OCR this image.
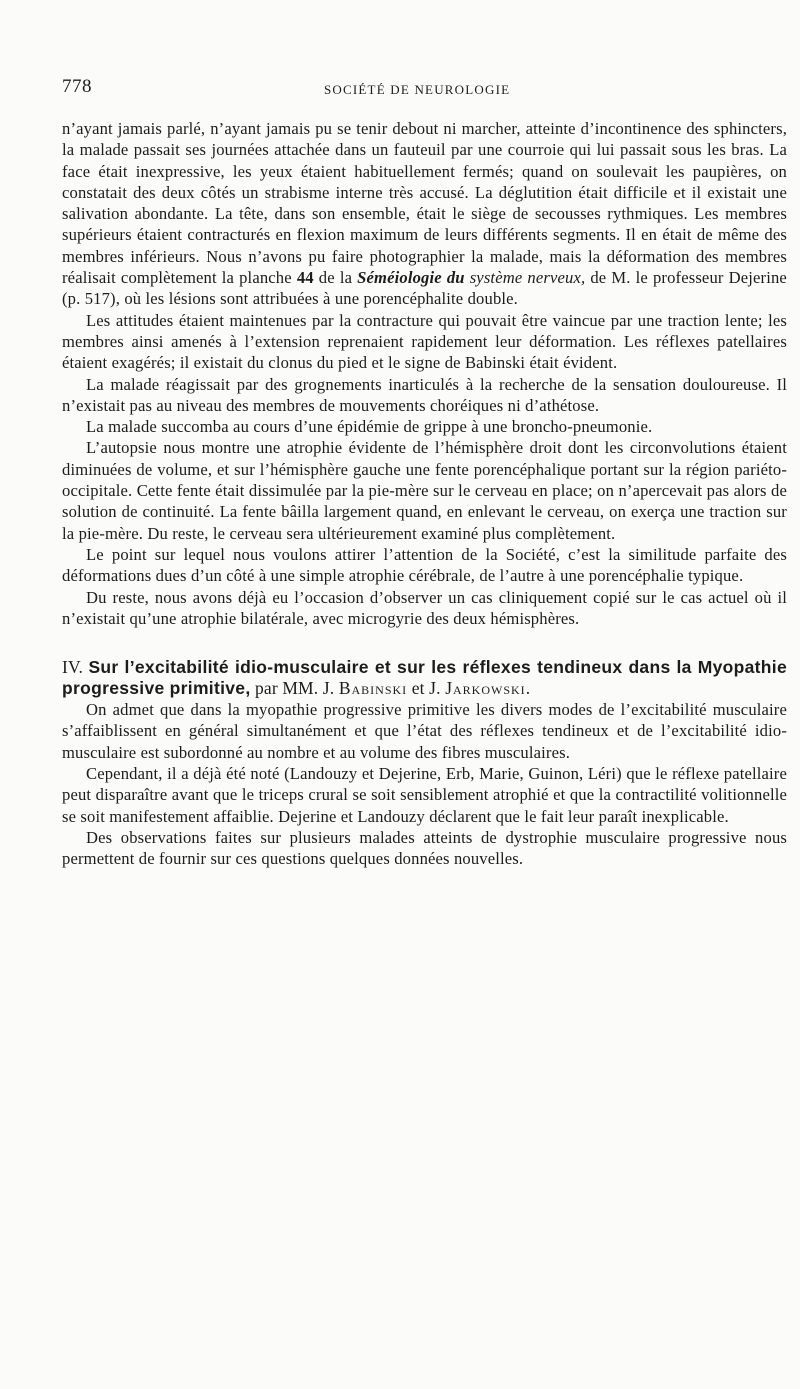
778	SOCIÉTÉ DE NEUROLOGIE

n’ayant jamais parlé, n’ayant jamais pu se tenir debout ni marcher, atteinte d’incontinence des sphincters, la malade passait ses journées attachée dans un fauteuil par une courroie qui lui passait sous les bras. La face était inexpressive, les yeux étaient habituellement fermés; quand on soulevait les paupières, on constatait des deux côtés un strabisme interne très accusé. La déglutition était difficile et il existait une salivation abondante. La tête, dans son ensemble, était le siège de secousses rythmiques. Les membres supérieurs étaient contracturés en flexion maximum de leurs différents segments. Il en était de même des membres inférieurs. Nous n’avons pu faire photographier la malade, mais la déformation des membres réalisait complètement la planche 44 de la Séméiologie du système nerveux, de M. le professeur Dejerine (p. 517), où les lésions sont attribuées à une porencéphalite double.

Les attitudes étaient maintenues par la contracture qui pouvait être vaincue par une traction lente; les membres ainsi amenés à l’extension reprenaient rapidement leur déformation. Les réflexes patellaires étaient exagérés; il existait du clonus du pied et le signe de Babinski était évident.

La malade réagissait par des grognements inarticulés à la recherche de la sensation douloureuse. Il n’existait pas au niveau des membres de mouvements choréiques ni d’athétose.

La malade succomba au cours d’une épidémie de grippe à une broncho-pneumonie.

L’autopsie nous montre une atrophie évidente de l’hémisphère droit dont les circonvolutions étaient diminuées de volume, et sur l’hémisphère gauche une fente porencéphalique portant sur la région pariéto-occipitale. Cette fente était dissimulée par la pie-mère sur le cerveau en place; on n’apercevait pas alors de solution de continuité. La fente bâilla largement quand, en enlevant le cerveau, on exerça une traction sur la pie-mère. Du reste, le cerveau sera ultérieurement examiné plus complètement.

Le point sur lequel nous voulons attirer l’attention de la Société, c’est la similitude parfaite des déformations dues d’un côté à une simple atrophie cérébrale, de l’autre à une porencéphalie typique.

Du reste, nous avons déjà eu l’occasion d’observer un cas cliniquement copié sur le cas actuel où il n’existait qu’une atrophie bilatérale, avec microgyrie des deux hémisphères.

IV. Sur l’excitabilité idio-musculaire et sur les réflexes tendineux dans la Myopathie progressive primitive, par MM. J. Babinski et J. Jarkowski.

On admet que dans la myopathie progressive primitive les divers modes de l’excitabilité musculaire s’affaiblissent en général simultanément et que l’état des réflexes tendineux et de l’excitabilité idio-musculaire est subordonné au nombre et au volume des fibres musculaires.

Cependant, il a déjà été noté (Landouzy et Dejerine, Erb, Marie, Guinon, Léri) que le réflexe patellaire peut disparaître avant que le triceps crural se soit sensiblement atrophié et que la contractilité volitionnelle se soit manifestement affaiblie. Dejerine et Landouzy déclarent que le fait leur paraît inexplicable.

Des observations faites sur plusieurs malades atteints de dystrophie musculaire progressive nous permettent de fournir sur ces questions quelques données nouvelles.
